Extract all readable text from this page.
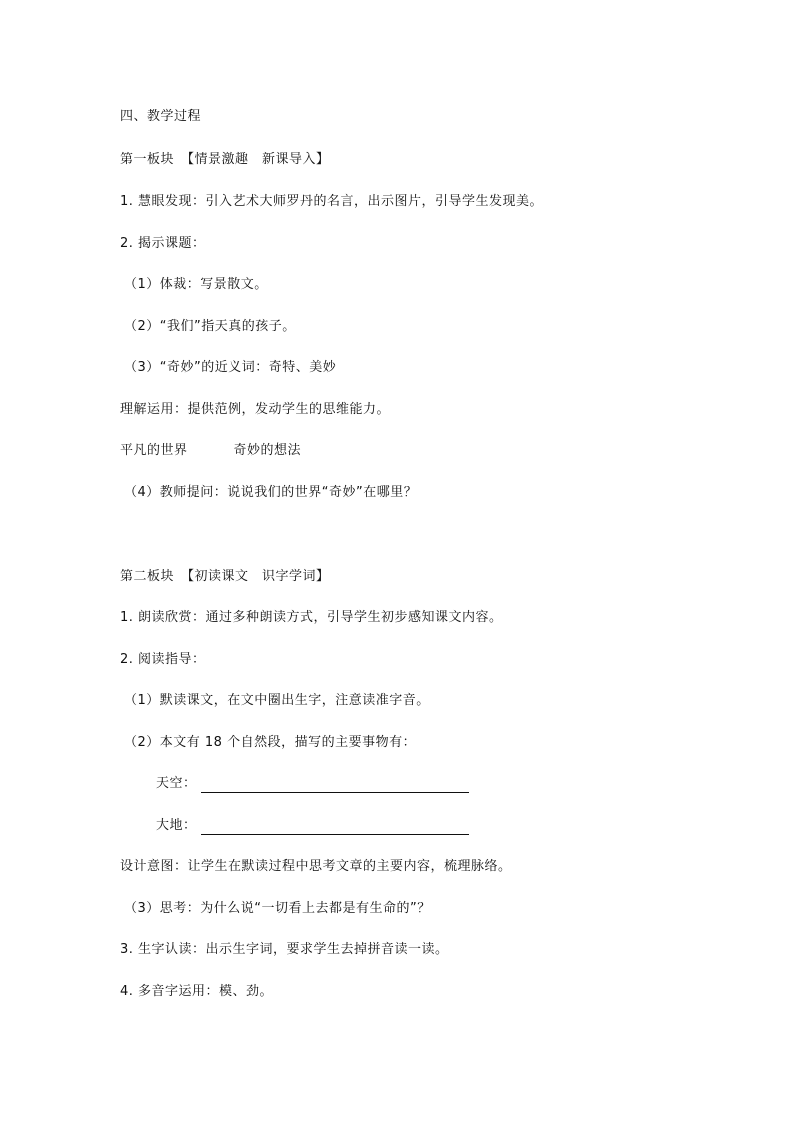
四、教学过程
第一板块　【情景激趣　新课导入】
1. 慧眼发现：引入艺术大师罗丹的名言，出示图片，引导学生发现美。
2. 揭示课题：
（1）体裁：写景散文。
（2）“我们”指天真的孩子。
（3）“奇妙”的近义词：奇特、美妙
理解运用：提供范例，发动学生的思维能力。
平凡的世界	奇妙的想法
（4）教师提问：说说我们的世界“奇妙”在哪里？
第二板块　【初读课文　识字学词】
1. 朗读欣赏：通过多种朗读方式，引导学生初步感知课文内容。
2. 阅读指导：
（1）默读课文，在文中圈出生字，注意读准字音。
（2）本文有 18 个自然段，描写的主要事物有：
天空：
大地：
设计意图：让学生在默读过程中思考文章的主要内容，梳理脉络。
（3）思考：为什么说“一切看上去都是有生命的”？
3. 生字认读：出示生字词，要求学生去掉拼音读一读。
4. 多音字运用：模、劲。
